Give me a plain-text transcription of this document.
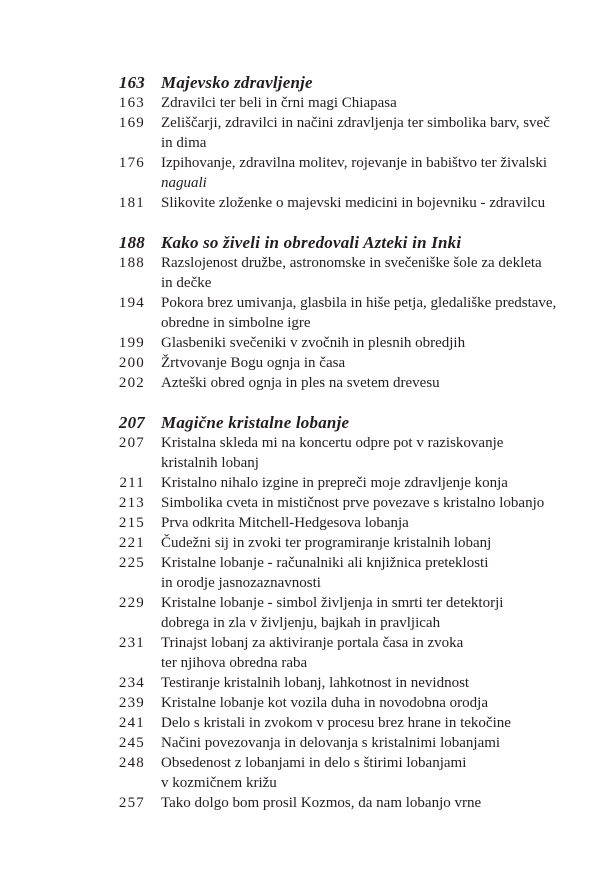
163 Majevsko zdravljenje
163 Zdravilci ter beli in črni magi Chiapasa
169 Zeliščarji, zdravilci in načini zdravljenja ter simbolika barv, sveč
in dima
176 Izpihovanje, zdravilna molitev, rojevanje in babištvo ter živalski
naguali
181 Slikovite zloženke o majevski medicini in bojevniku - zdravilcu
188 Kako so živeli in obredovali Azteki in Inki
188 Razslojenost družbe, astronomske in svečeniške šole za dekleta
in dečke
194 Pokora brez umivanja, glasbila in hiše petja, gledališke predstave,
obredne in simbolne igre
199 Glasbeniki svečeniki v zvočnih in plesnih obredjih
200 Žrtvovanje Bogu ognja in časa
202 Azteški obred ognja in ples na svetem drevesu
207 Magične kristalne lobanje
207 Kristalna skleda mi na koncertu odpre pot v raziskovanje
kristalnih lobanj
211 Kristalno nihalo izgine in prepreči moje zdravljenje konja
213 Simbolika cveta in mističnost prve povezave s kristalno lobanjo
215 Prva odkrita Mitchell-Hedgesova lobanja
221 Čudežni sij in zvoki ter programiranje kristalnih lobanj
225 Kristalne lobanje - računalniki ali knjižnica preteklosti
in orodje jasnozaznavnosti
229 Kristalne lobanje - simbol življenja in smrti ter detektorji
dobrega in zla v življenju, bajkah in pravljicah
231 Trinajst lobanj za aktiviranje portala časa in zvoka
ter njihova obredna raba
234 Testiranje kristalnih lobanj, lahkotnost in nevidnost
239 Kristalne lobanje kot vozila duha in novodobna orodja
241 Delo s kristali in zvokom v procesu brez hrane in tekočine
245 Načini povezovanja in delovanja s kristalnimi lobanjami
248 Obsedenost z lobanjami in delo s štirimi lobanjami
v kozmičnem križu
257 Tako dolgo bom prosil Kozmos, da nam lobanjo vrne
